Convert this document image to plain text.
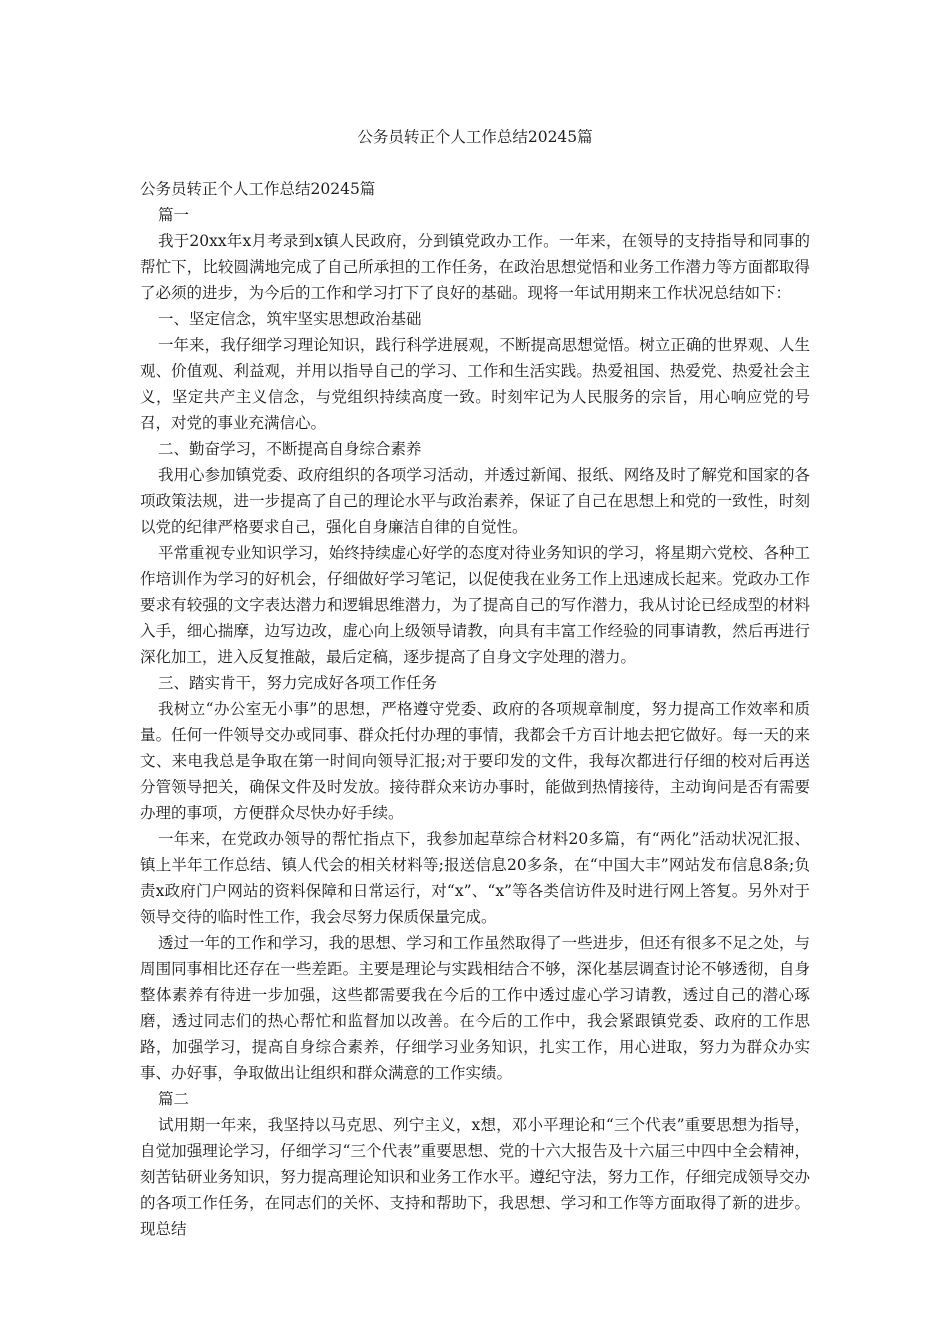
公务员转正个人工作总结20245篇

公务员转正个人工作总结20245篇

篇一

我于20xx年x月考录到x镇人民政府，分到镇党政办工作。一年来，在领导的支持指导和同事的帮忙下，比较圆满地完成了自己所承担的工作任务，在政治思想觉悟和业务工作潜力等方面都取得了必须的进步，为今后的工作和学习打下了良好的基础。现将一年试用期来工作状况总结如下：

一、坚定信念，筑牢坚实思想政治基础

一年来，我仔细学习理论知识，践行科学进展观，不断提高思想觉悟。树立正确的世界观、人生观、价值观、利益观，并用以指导自己的学习、工作和生活实践。热爱祖国、热爱党、热爱社会主义，坚定共产主义信念，与党组织持续高度一致。时刻牢记为人民服务的宗旨，用心响应党的号召，对党的事业充满信心。

二、勤奋学习，不断提高自身综合素养

我用心参加镇党委、政府组织的各项学习活动，并透过新闻、报纸、网络及时了解党和国家的各项政策法规，进一步提高了自己的理论水平与政治素养，保证了自己在思想上和党的一致性，时刻以党的纪律严格要求自己，强化自身廉洁自律的自觉性。

平常重视专业知识学习，始终持续虚心好学的态度对待业务知识的学习，将星期六党校、各种工作培训作为学习的好机会，仔细做好学习笔记，以促使我在业务工作上迅速成长起来。党政办工作要求有较强的文字表达潜力和逻辑思维潜力，为了提高自己的写作潜力，我从讨论已经成型的材料入手，细心揣摩，边写边改，虚心向上级领导请教，向具有丰富工作经验的同事请教，然后再进行深化加工，进入反复推敲，最后定稿，逐步提高了自身文字处理的潜力。

三、踏实肯干，努力完成好各项工作任务

我树立“办公室无小事”的思想，严格遵守党委、政府的各项规章制度，努力提高工作效率和质量。任何一件领导交办或同事、群众托付办理的事情，我都会千方百计地去把它做好。每一天的来文、来电我总是争取在第一时间向领导汇报;对于要印发的文件，我每次都进行仔细的校对后再送分管领导把关，确保文件及时发放。接待群众来访办事时，能做到热情接待，主动询问是否有需要办理的事项，方便群众尽快办好手续。

一年来，在党政办领导的帮忙指点下，我参加起草综合材料20多篇，有“两化”活动状况汇报、镇上半年工作总结、镇人代会的相关材料等;报送信息20多条，在“中国大丰”网站发布信息8条;负责x政府门户网站的资料保障和日常运行，对“x”、“x”等各类信访件及时进行网上答复。另外对于领导交待的临时性工作，我会尽努力保质保量完成。

透过一年的工作和学习，我的思想、学习和工作虽然取得了一些进步，但还有很多不足之处，与周围同事相比还存在一些差距。主要是理论与实践相结合不够，深化基层调查讨论不够透彻，自身整体素养有待进一步加强，这些都需要我在今后的工作中透过虚心学习请教，透过自己的潜心琢磨，透过同志们的热心帮忙和监督加以改善。在今后的工作中，我会紧跟镇党委、政府的工作思路，加强学习，提高自身综合素养，仔细学习业务知识，扎实工作，用心进取，努力为群众办实事、办好事，争取做出让组织和群众满意的工作实绩。

篇二

试用期一年来，我坚持以马克思、列宁主义，x想，邓小平理论和“三个代表”重要思想为指导，自觉加强理论学习，仔细学习“三个代表”重要思想、党的十六大报告及十六届三中四中全会精神，刻苦钻研业务知识，努力提高理论知识和业务工作水平。遵纪守法，努力工作，仔细完成领导交办的各项工作任务，在同志们的关怀、支持和帮助下，我思想、学习和工作等方面取得了新的进步。现总结
